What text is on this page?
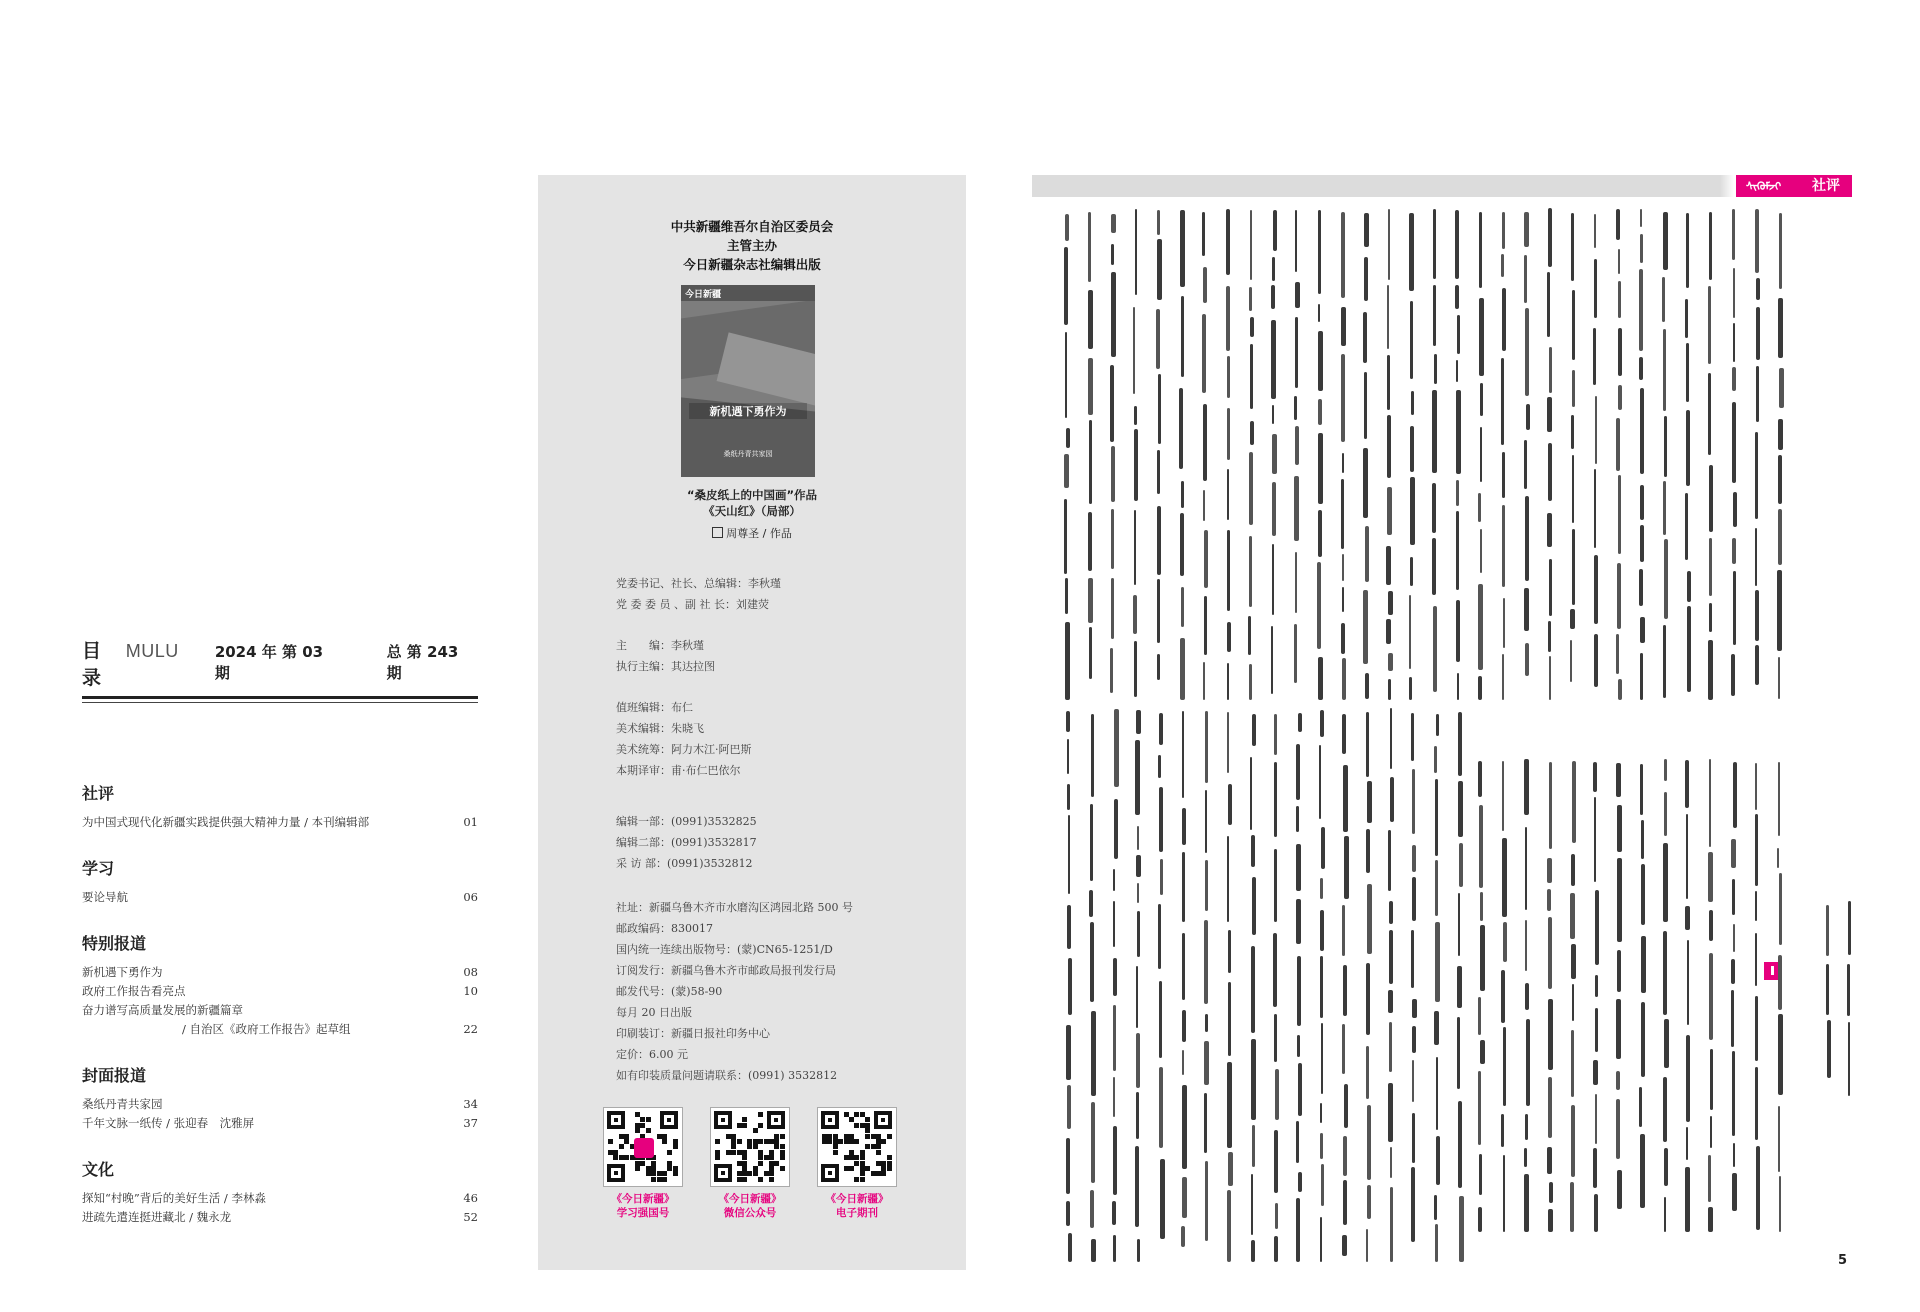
目录
MULU 2024 年 第 03 期
总 第 243 期
社评
为中国式现代化新疆实践提供强大精神力量 / 本刊编辑部	01
学习
要论导航	06
特别报道
新机遇下勇作为	08
政府工作报告看亮点	10
奋力谱写高质量发展的新疆篇章
/ 自治区《政府工作报告》起草组	22
封面报道
桑纸丹青共家园	34
千年文脉一纸传 / 张迎春　沈雅屏	37
文化
探知“村晚”背后的美好生活 / 李林淼	46
进疏先遣连挺进藏北 / 魏永龙	52
中共新疆维吾尔自治区委员会
主管主办
今日新疆杂志社编辑出版
今日新疆
新机遇下勇作为
桑纸丹青共家园
“桑皮纸上的中国画”作品
《天山红》（局部）
周尊圣 / 作品
党委书记、社长、总编辑：李秋瑾
党 委 委 员 、副 社 长：刘建荧
主　　编：李秋瑾
执行主编：其达拉图
值班编辑：布仁
美术编辑：朱晓飞
美术统筹：阿力木江·阿巴斯
本期译审：甫·布仁巴依尔
编辑一部：(0991)3532825
编辑二部：(0991)3532817
采 访 部：(0991)3532812
社址：新疆乌鲁木齐市水磨沟区鸿园北路 500 号
邮政编码：830017
国内统一连续出版物号：(蒙)CN65-1251/D
订阅发行：新疆乌鲁木齐市邮政局报刊发行局
邮发代号：(蒙)58-90
每月 20 日出版
印刷装订：新疆日报社印务中心
定价：6.00 元
如有印装质量问题请联系：(0991) 3532812
《今日新疆》
学习强国号
《今日新疆》
微信公众号
《今日新疆》
电子期刊
ᠰᠢᠭᠦᠮᠵᠢ 社评
5
